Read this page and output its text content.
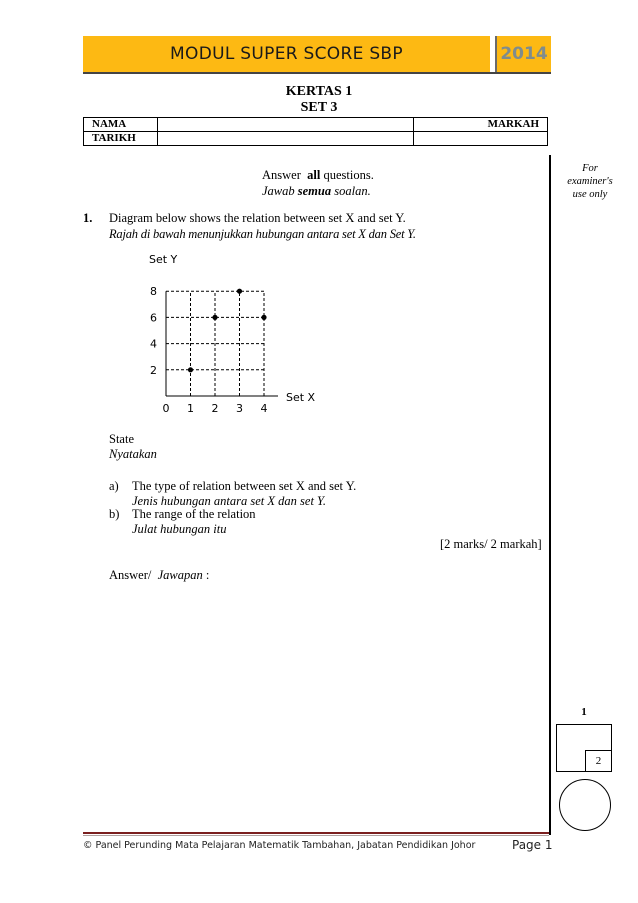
MODUL SUPER SCORE SBP	2014
KERTAS 1
SET 3
NAMA		MARKAH
TARIKH		
For
examiner's
use only
Answer all questions.
Jawab semua soalan.
1. Diagram below shows the relation between set X and set Y.
Rajah di bawah menunjukkan hubungan antara set X dan Set Y.
0 1 2 3 4
2
4
6
8
Set Y
Set X
State
Nyatakan
a) The type of relation between set X and set Y.
Jenis hubungan antara set X dan set Y.
b) The range of the relation
Julat hubungan itu
[2 marks/ 2 markah]
Answer/ Jawapan :
1
2
© Panel Perunding Mata Pelajaran Matematik Tambahan, Jabatan Pendidikan Johor	Page 1
